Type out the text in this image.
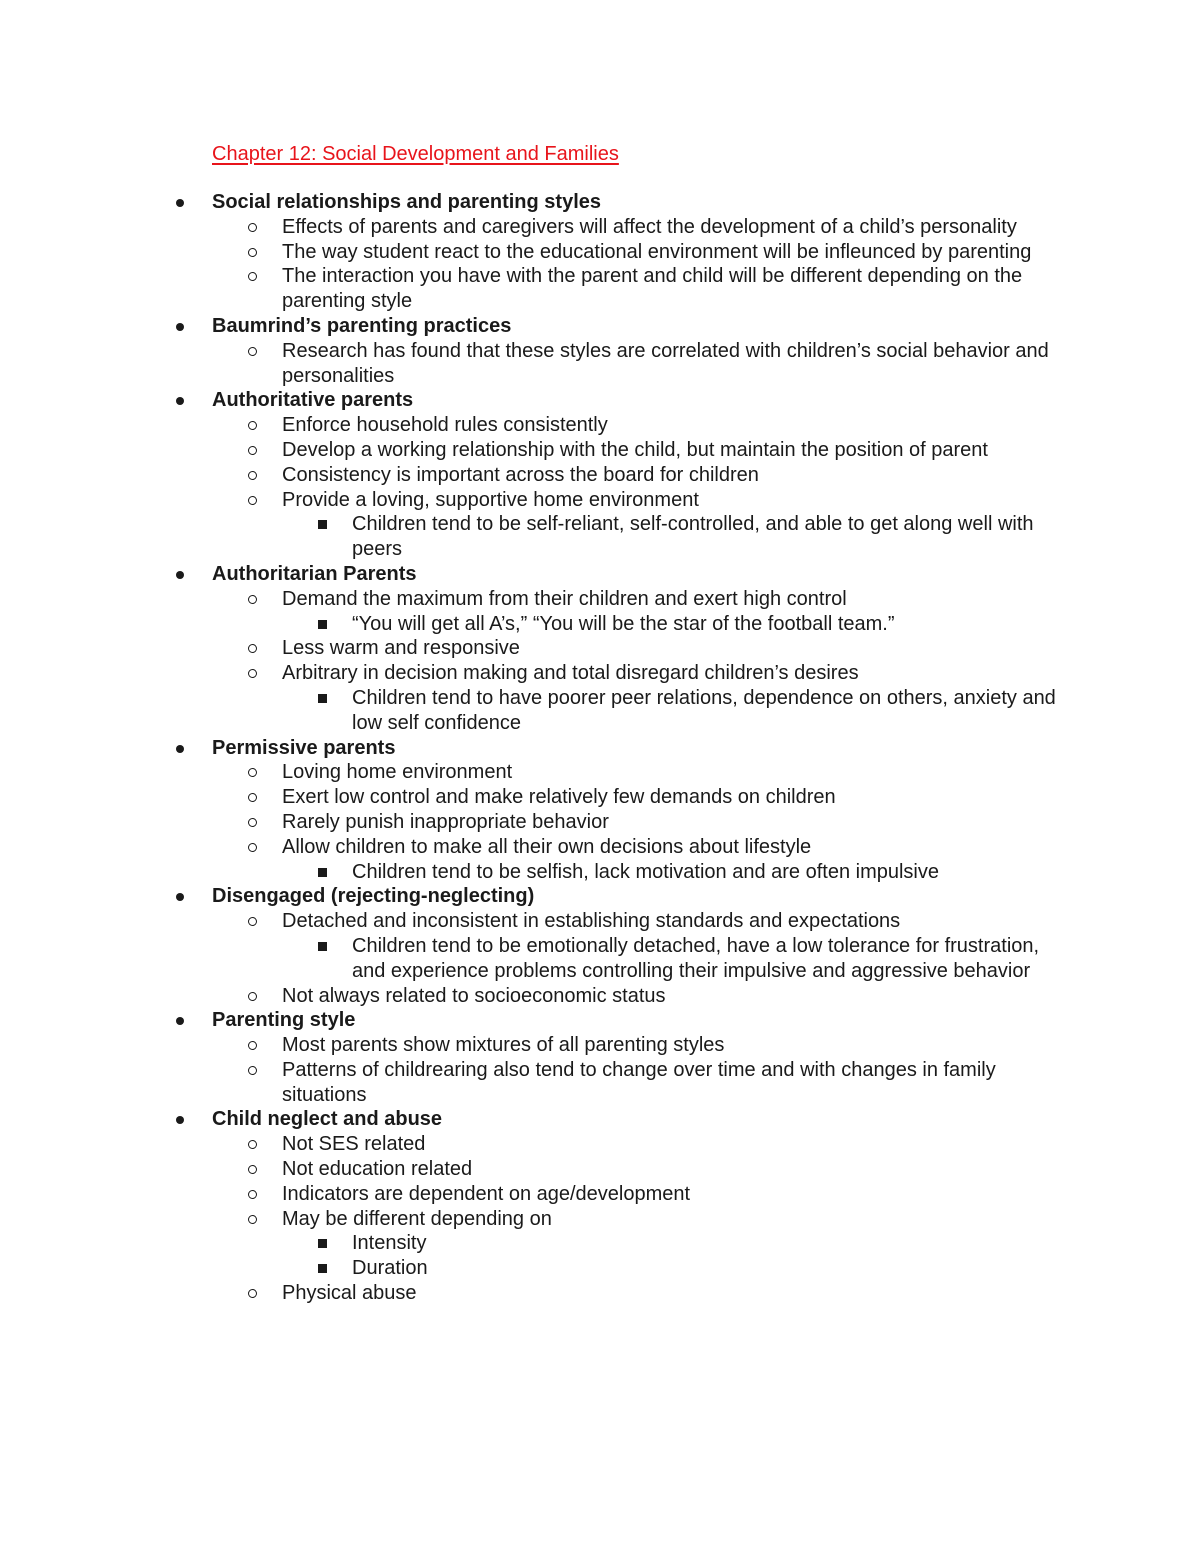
Chapter 12: Social Development and Families
Social relationships and parenting styles
Effects of parents and caregivers will affect the development of a child’s personality
The way student react to the educational environment will be infleunced by parenting
The interaction you have with the parent and child will be different depending on the parenting style
Baumrind’s parenting practices
Research has found that these styles are correlated with children’s social behavior and personalities
Authoritative parents
Enforce household rules consistently
Develop a working relationship with the child, but maintain the position of parent
Consistency is important across the board for children
Provide a loving, supportive home environment
Children tend to be self-reliant, self-controlled, and able to get along well with peers
Authoritarian Parents
Demand the maximum from their children and exert high control
“You will get all A’s,” “You will be the star of the football team.”
Less warm and responsive
Arbitrary in decision making and total disregard children’s desires
Children tend to have poorer peer relations, dependence on others, anxiety and low self confidence
Permissive parents
Loving home environment
Exert low control and make relatively few demands on children
Rarely punish inappropriate behavior
Allow children to make all their own decisions about lifestyle
Children tend to be selfish, lack motivation and are often impulsive
Disengaged (rejecting-neglecting)
Detached and inconsistent in establishing standards and expectations
Children tend to be emotionally detached, have a low tolerance for frustration, and experience problems controlling their impulsive and aggressive behavior
Not always related to socioeconomic status
Parenting style
Most parents show mixtures of all parenting styles
Patterns of childrearing also tend to change over time and with changes in family situations
Child neglect and abuse
Not SES related
Not education related
Indicators are dependent on age/development
May be different depending on
Intensity
Duration
Physical abuse
